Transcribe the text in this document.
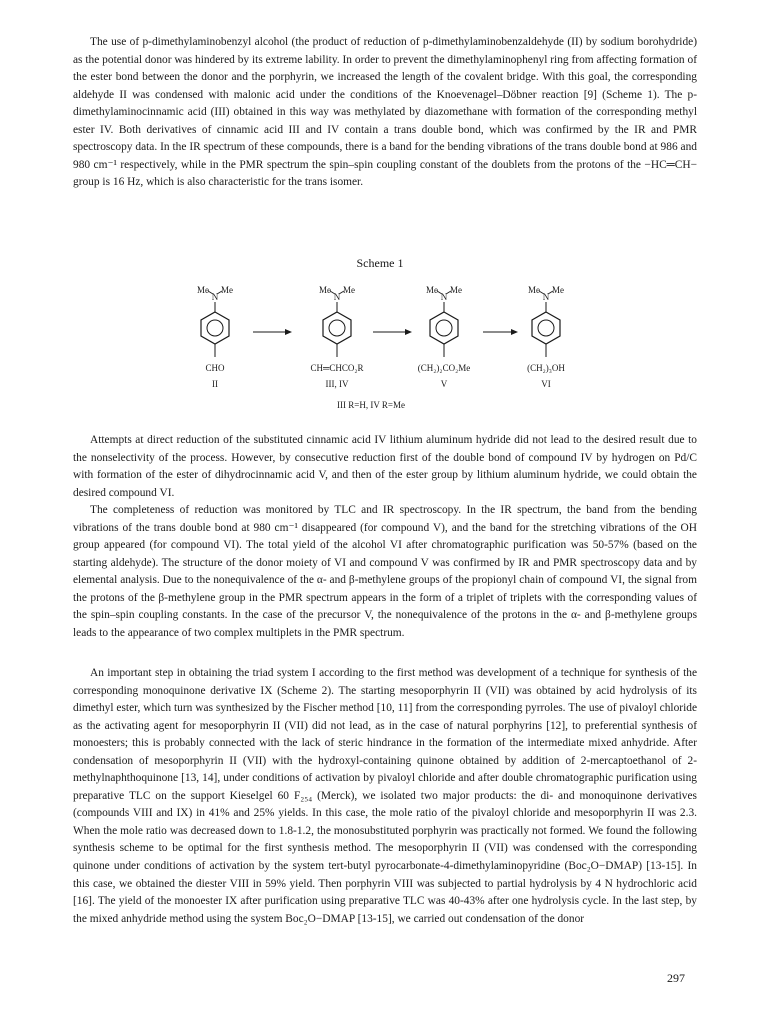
The use of p-dimethylaminobenzyl alcohol (the product of reduction of p-dimethylaminobenzaldehyde (II) by sodium borohydride) as the potential donor was hindered by its extreme lability. In order to prevent the dimethylaminophenyl ring from affecting formation of the ester bond between the donor and the porphyrin, we increased the length of the covalent bridge. With this goal, the corresponding aldehyde II was condensed with malonic acid under the conditions of the Knoevenagel–Döbner reaction [9] (Scheme 1). The p-dimethylaminocinnamic acid (III) obtained in this way was methylated by diazomethane with formation of the corresponding methyl ester IV. Both derivatives of cinnamic acid III and IV contain a trans double bond, which was confirmed by the IR and PMR spectroscopy data. In the IR spectrum of these compounds, there is a band for the bending vibrations of the trans double bond at 986 and 980 cm⁻¹ respectively, while in the PMR spectrum the spin–spin coupling constant of the doublets from the protons of the −HC═CH− group is 16 Hz, which is also characteristic for the trans isomer.

Scheme 1
Me Me
N
CHO
II
Me Me
N
CH═CHCO₂R
III, IV
Me Me
N
(CH₂)₂CO₂Me
V
Me Me
N
(CH₂)₃OH
VI
III R=H, IV R=Me

Attempts at direct reduction of the substituted cinnamic acid IV lithium aluminum hydride did not lead to the desired result due to the nonselectivity of the process. However, by consecutive reduction first of the double bond of compound IV by hydrogen on Pd/C with formation of the ester of dihydrocinnamic acid V, and then of the ester group by lithium aluminum hydride, we could obtain the desired compound VI.

The completeness of reduction was monitored by TLC and IR spectroscopy. In the IR spectrum, the band from the bending vibrations of the trans double bond at 980 cm⁻¹ disappeared (for compound V), and the band for the stretching vibrations of the OH group appeared (for compound VI). The total yield of the alcohol VI after chromatographic purification was 50-57% (based on the starting aldehyde). The structure of the donor moiety of VI and compound V was confirmed by IR and PMR spectroscopy data and by elemental analysis. Due to the nonequivalence of the α- and β-methylene groups of the propionyl chain of compound VI, the signal from the protons of the β-methylene group in the PMR spectrum appears in the form of a triplet of triplets with the corresponding values of the spin–spin coupling constants. In the case of the precursor V, the nonequivalence of the protons in the α- and β-methylene groups leads to the appearance of two complex multiplets in the PMR spectrum.

An important step in obtaining the triad system I according to the first method was development of a technique for synthesis of the corresponding monoquinone derivative IX (Scheme 2). The starting mesoporphyrin II (VII) was obtained by acid hydrolysis of its dimethyl ester, which turn was synthesized by the Fischer method [10, 11] from the corresponding pyrroles. The use of pivaloyl chloride as the activating agent for mesoporphyrin II (VII) did not lead, as in the case of natural porphyrins [12], to preferential synthesis of monoesters; this is probably connected with the lack of steric hindrance in the formation of the intermediate mixed anhydride. After condensation of mesoporphyrin II (VII) with the hydroxyl-containing quinone obtained by addition of 2-mercaptoethanol of 2-methylnaphthoquinone [13, 14], under conditions of activation by pivaloyl chloride and after double chromatographic purification using preparative TLC on the support Kieselgel 60 F₂₅₄ (Merck), we isolated two major products: the di- and monoquinone derivatives (compounds VIII and IX) in 41% and 25% yields. In this case, the mole ratio of the pivaloyl chloride and mesoporphyrin II was 2.3. When the mole ratio was decreased down to 1.8-1.2, the monosubstituted porphyrin was practically not formed. We found the following synthesis scheme to be optimal for the first synthesis method. The mesoporphyrin II (VII) was condensed with the corresponding quinone under conditions of activation by the system tert-butyl pyrocarbonate-4-dimethylaminopyridine (Boc₂O−DMAP) [13-15]. In this case, we obtained the diester VIII in 59% yield. Then porphyrin VIII was subjected to partial hydrolysis by 4 N hydrochloric acid [16]. The yield of the monoester IX after purification using preparative TLC was 40-43% after one hydrolysis cycle. In the last step, by the mixed anhydride method using the system Boc₂O−DMAP [13-15], we carried out condensation of the donor

297
